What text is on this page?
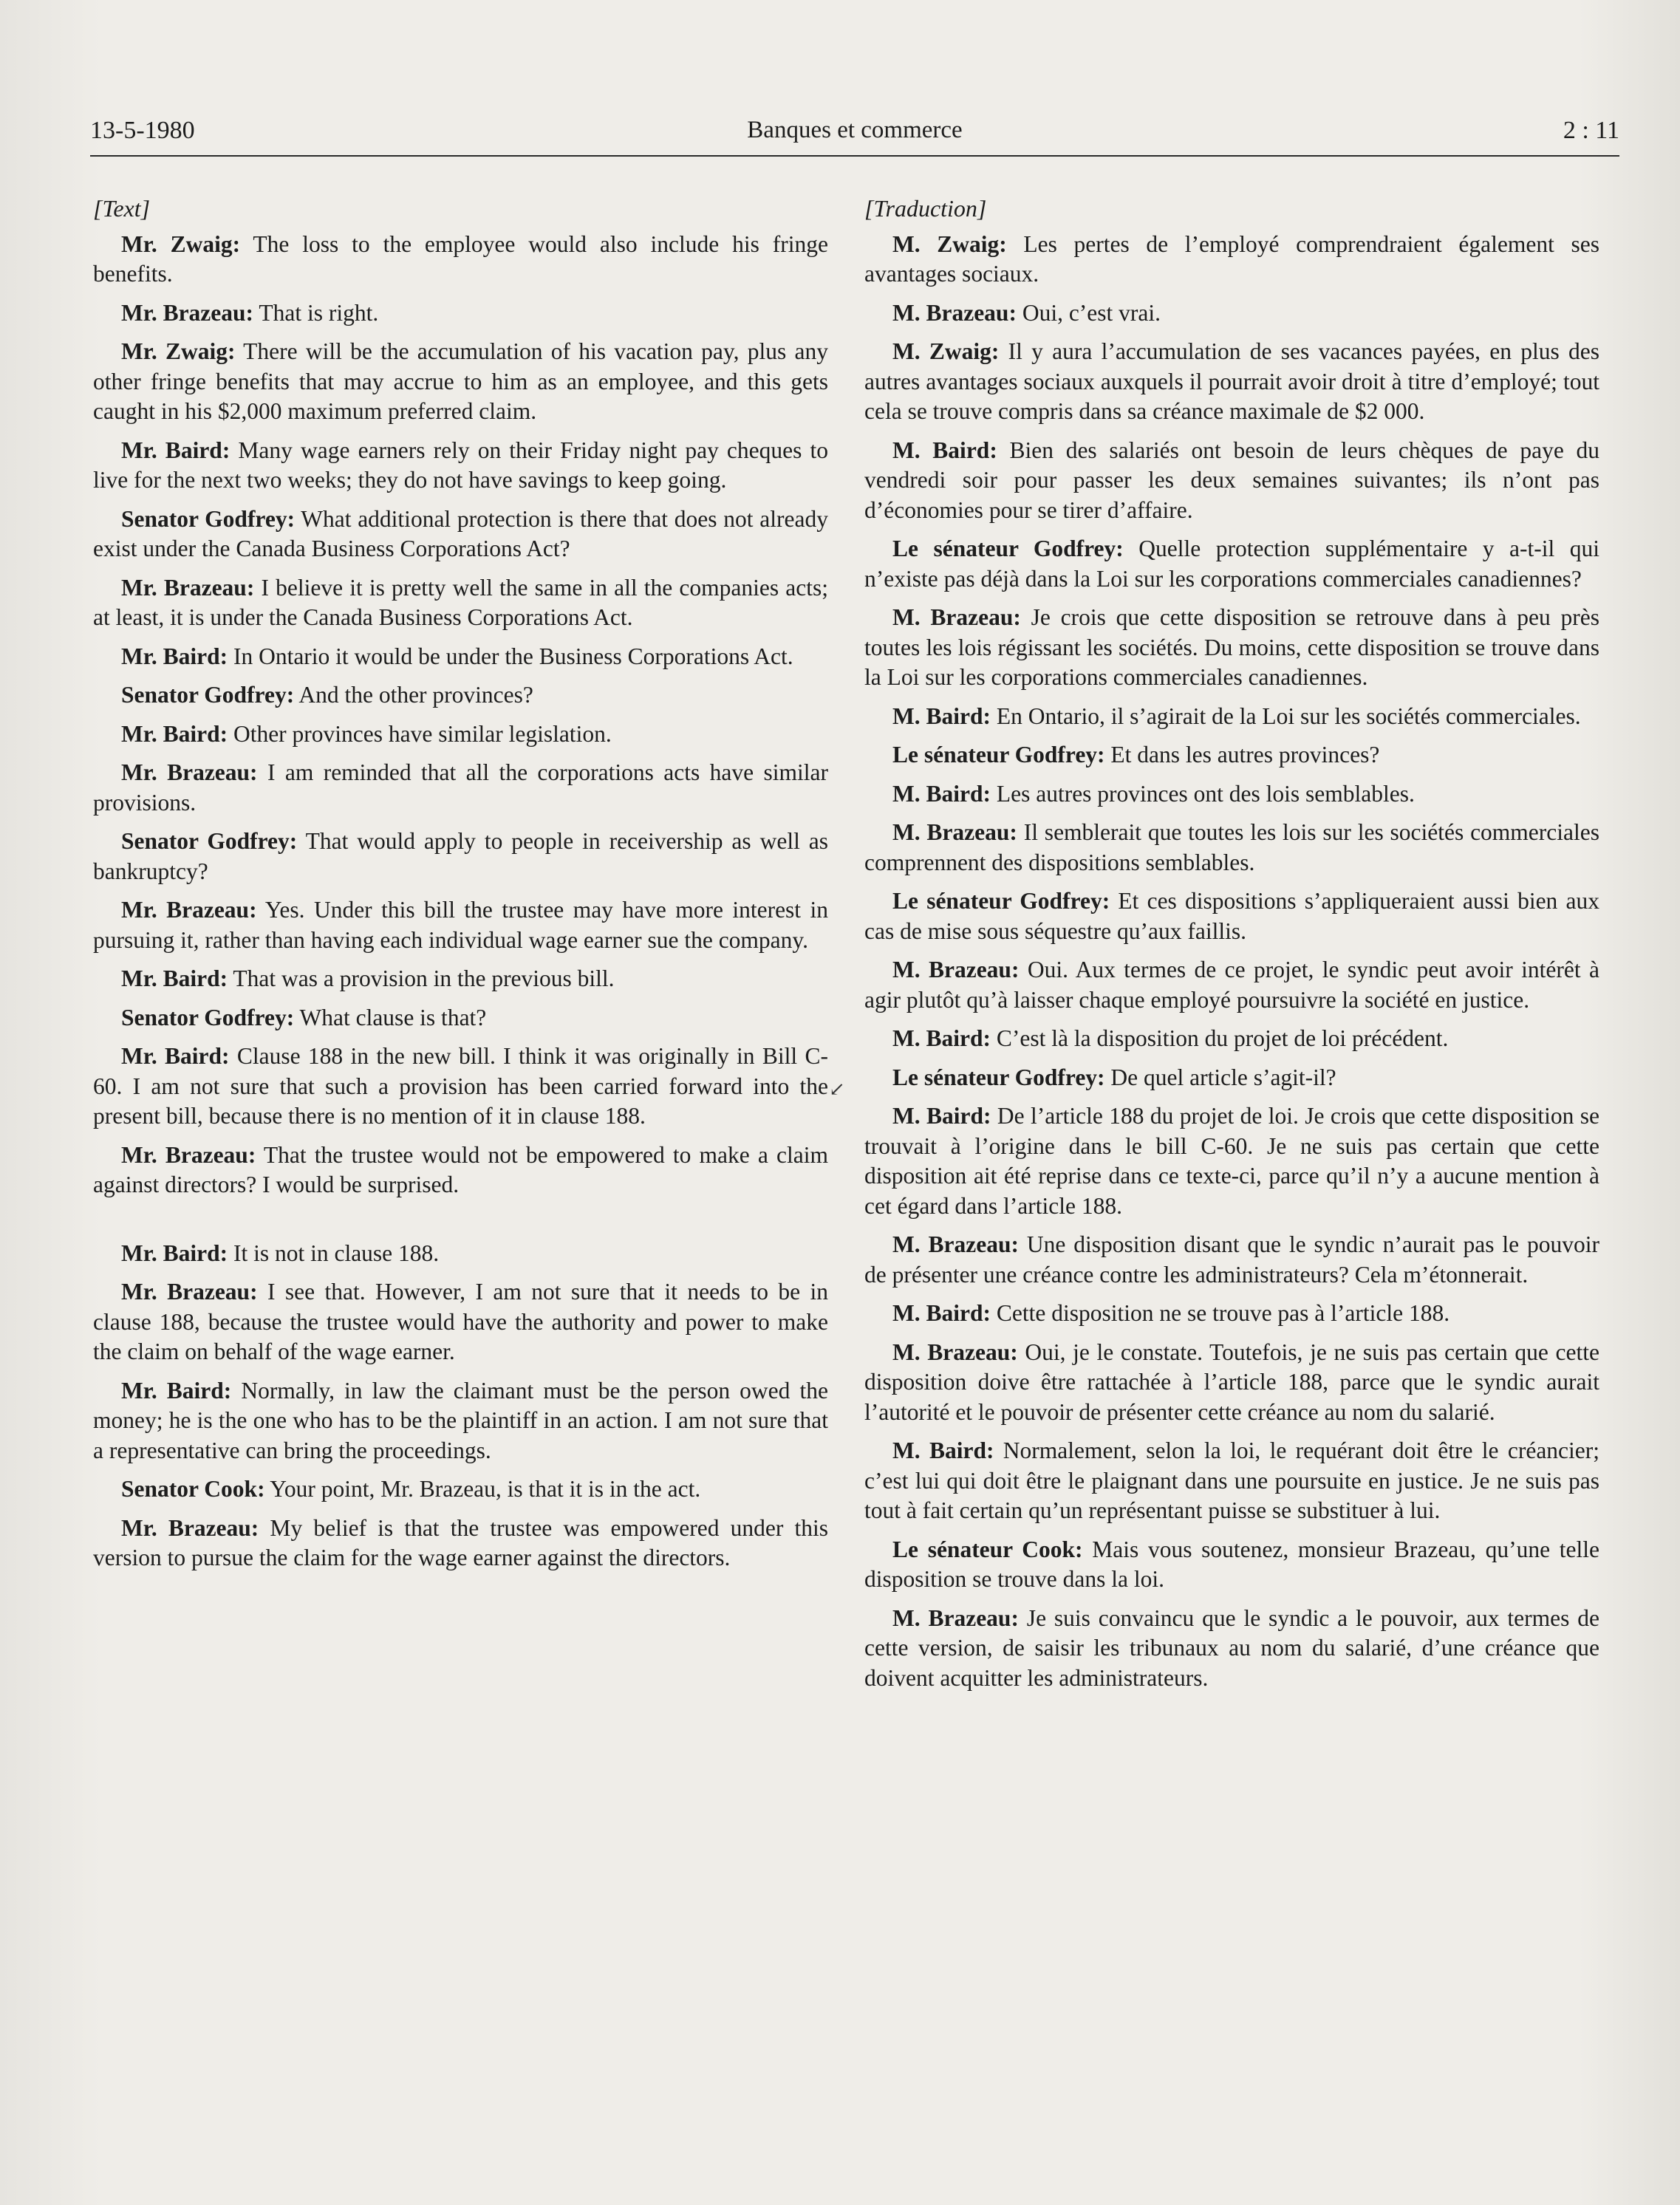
13-5-1980	Banques et commerce	2 : 11
[Text]
Mr. Zwaig: The loss to the employee would also include his fringe benefits.
Mr. Brazeau: That is right.
Mr. Zwaig: There will be the accumulation of his vacation pay, plus any other fringe benefits that may accrue to him as an employee, and this gets caught in his $2,000 maximum preferred claim.
Mr. Baird: Many wage earners rely on their Friday night pay cheques to live for the next two weeks; they do not have savings to keep going.
Senator Godfrey: What additional protection is there that does not already exist under the Canada Business Corporations Act?
Mr. Brazeau: I believe it is pretty well the same in all the companies acts; at least, it is under the Canada Business Corporations Act.
Mr. Baird: In Ontario it would be under the Business Corporations Act.
Senator Godfrey: And the other provinces?
Mr. Baird: Other provinces have similar legislation.
Mr. Brazeau: I am reminded that all the corporations acts have similar provisions.
Senator Godfrey: That would apply to people in receivership as well as bankruptcy?
Mr. Brazeau: Yes. Under this bill the trustee may have more interest in pursuing it, rather than having each individual wage earner sue the company.
Mr. Baird: That was a provision in the previous bill.
Senator Godfrey: What clause is that?
Mr. Baird: Clause 188 in the new bill. I think it was originally in Bill C-60. I am not sure that such a provision has been carried forward into the present bill, because there is no mention of it in clause 188.
Mr. Brazeau: That the trustee would not be empowered to make a claim against directors? I would be surprised.
Mr. Baird: It is not in clause 188.
Mr. Brazeau: I see that. However, I am not sure that it needs to be in clause 188, because the trustee would have the authority and power to make the claim on behalf of the wage earner.
Mr. Baird: Normally, in law the claimant must be the person owed the money; he is the one who has to be the plaintiff in an action. I am not sure that a representative can bring the proceedings.
Senator Cook: Your point, Mr. Brazeau, is that it is in the act.
Mr. Brazeau: My belief is that the trustee was empowered under this version to pursue the claim for the wage earner against the directors.
[Traduction]
M. Zwaig: Les pertes de l’employé comprendraient également ses avantages sociaux.
M. Brazeau: Oui, c’est vrai.
M. Zwaig: Il y aura l’accumulation de ses vacances payées, en plus des autres avantages sociaux auxquels il pourrait avoir droit à titre d’employé; tout cela se trouve compris dans sa créance maximale de $2 000.
M. Baird: Bien des salariés ont besoin de leurs chèques de paye du vendredi soir pour passer les deux semaines suivantes; ils n’ont pas d’économies pour se tirer d’affaire.
Le sénateur Godfrey: Quelle protection supplémentaire y a-t-il qui n’existe pas déjà dans la Loi sur les corporations commerciales canadiennes?
M. Brazeau: Je crois que cette disposition se retrouve dans à peu près toutes les lois régissant les sociétés. Du moins, cette disposition se trouve dans la Loi sur les corporations commerciales canadiennes.
M. Baird: En Ontario, il s’agirait de la Loi sur les sociétés commerciales.
Le sénateur Godfrey: Et dans les autres provinces?
M. Baird: Les autres provinces ont des lois semblables.
M. Brazeau: Il semblerait que toutes les lois sur les sociétés commerciales comprennent des dispositions semblables.
Le sénateur Godfrey: Et ces dispositions s’appliqueraient aussi bien aux cas de mise sous séquestre qu’aux faillis.
M. Brazeau: Oui. Aux termes de ce projet, le syndic peut avoir intérêt à agir plutôt qu’à laisser chaque employé poursuivre la société en justice.
M. Baird: C’est là la disposition du projet de loi précédent.
Le sénateur Godfrey: De quel article s’agit-il?
M. Baird: De l’article 188 du projet de loi. Je crois que cette disposition se trouvait à l’origine dans le bill C-60. Je ne suis pas certain que cette disposition ait été reprise dans ce texte-ci, parce qu’il n’y a aucune mention à cet égard dans l’article 188.
M. Brazeau: Une disposition disant que le syndic n’aurait pas le pouvoir de présenter une créance contre les administrateurs? Cela m’étonnerait.
M. Baird: Cette disposition ne se trouve pas à l’article 188.
M. Brazeau: Oui, je le constate. Toutefois, je ne suis pas certain que cette disposition doive être rattachée à l’article 188, parce que le syndic aurait l’autorité et le pouvoir de présenter cette créance au nom du salarié.
M. Baird: Normalement, selon la loi, le requérant doit être le créancier; c’est lui qui doit être le plaignant dans une poursuite en justice. Je ne suis pas tout à fait certain qu’un représentant puisse se substituer à lui.
Le sénateur Cook: Mais vous soutenez, monsieur Brazeau, qu’une telle disposition se trouve dans la loi.
M. Brazeau: Je suis convaincu que le syndic a le pouvoir, aux termes de cette version, de saisir les tribunaux au nom du salarié, d’une créance que doivent acquitter les administrateurs.
↙
